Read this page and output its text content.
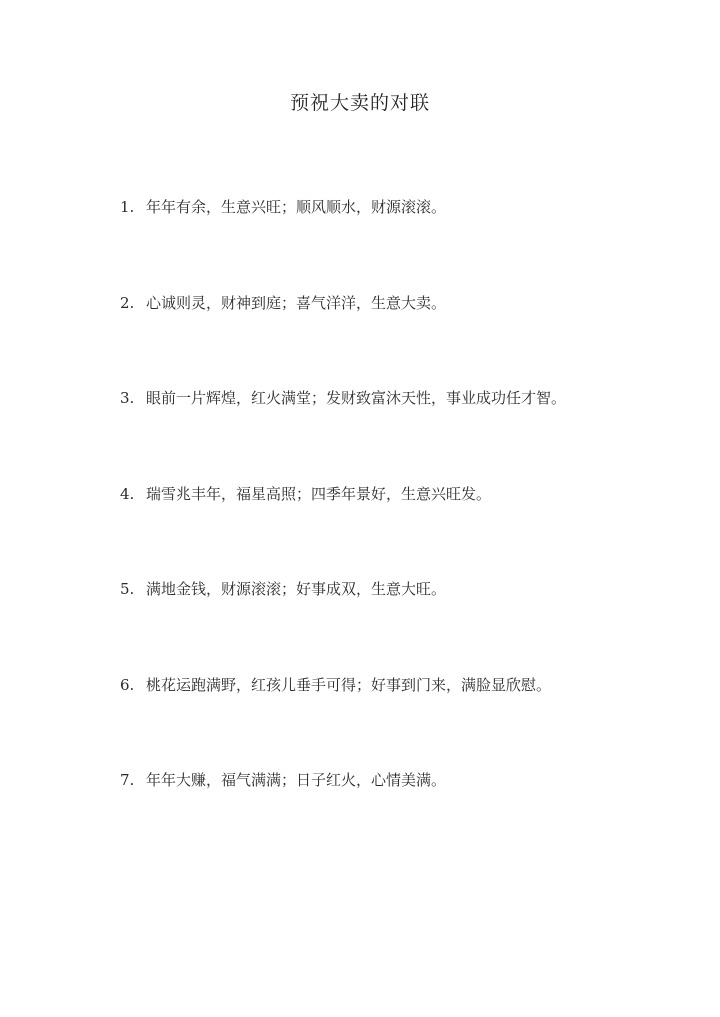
预祝大卖的对联
1. 年年有余，生意兴旺；顺风顺水，财源滚滚。
2. 心诚则灵，财神到庭；喜气洋洋，生意大卖。
3. 眼前一片辉煌，红火满堂；发财致富沐天性，事业成功任才智。
4. 瑞雪兆丰年，福星高照；四季年景好，生意兴旺发。
5. 满地金钱，财源滚滚；好事成双，生意大旺。
6. 桃花运跑满野，红孩儿垂手可得；好事到门来，满脸显欣慰。
7. 年年大赚，福气满满；日子红火，心情美满。
